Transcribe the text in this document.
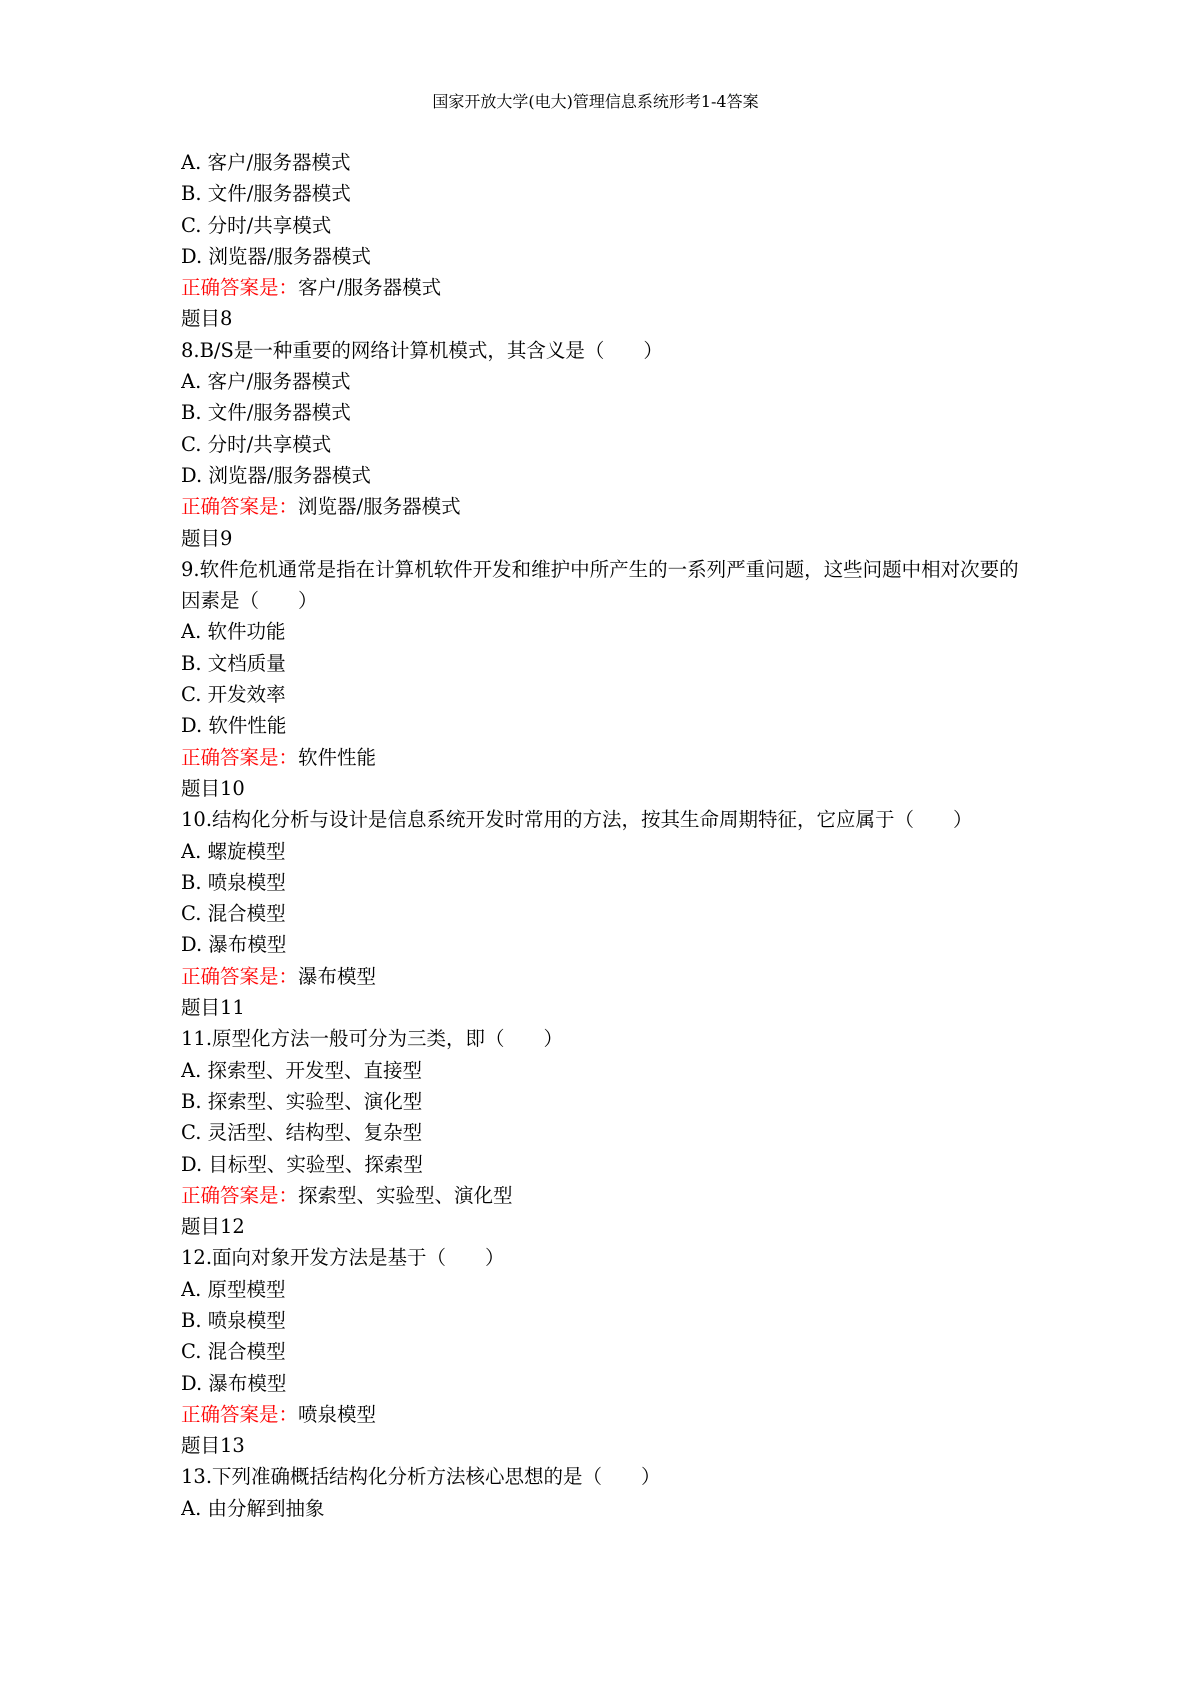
国家开放大学(电大)管理信息系统形考1-4答案
A. 客户/服务器模式
B. 文件/服务器模式
C. 分时/共享模式
D. 浏览器/服务器模式
正确答案是：客户/服务器模式
题目8
8.B/S是一种重要的网络计算机模式，其含义是（　　）
A. 客户/服务器模式
B. 文件/服务器模式
C. 分时/共享模式
D. 浏览器/服务器模式
正确答案是：浏览器/服务器模式
题目9
9.软件危机通常是指在计算机软件开发和维护中所产生的一系列严重问题，这些问题中相对次要的因素是（　　）
A. 软件功能
B. 文档质量
C. 开发效率
D. 软件性能
正确答案是：软件性能
题目10
10.结构化分析与设计是信息系统开发时常用的方法，按其生命周期特征，它应属于（　　）
A. 螺旋模型
B. 喷泉模型
C. 混合模型
D. 瀑布模型
正确答案是：瀑布模型
题目11
11.原型化方法一般可分为三类，即（　　）
A. 探索型、开发型、直接型
B. 探索型、实验型、演化型
C. 灵活型、结构型、复杂型
D. 目标型、实验型、探索型
正确答案是：探索型、实验型、演化型
题目12
12.面向对象开发方法是基于（　　）
A. 原型模型
B. 喷泉模型
C. 混合模型
D. 瀑布模型
正确答案是：喷泉模型
题目13
13.下列准确概括结构化分析方法核心思想的是（　　）
A. 由分解到抽象
